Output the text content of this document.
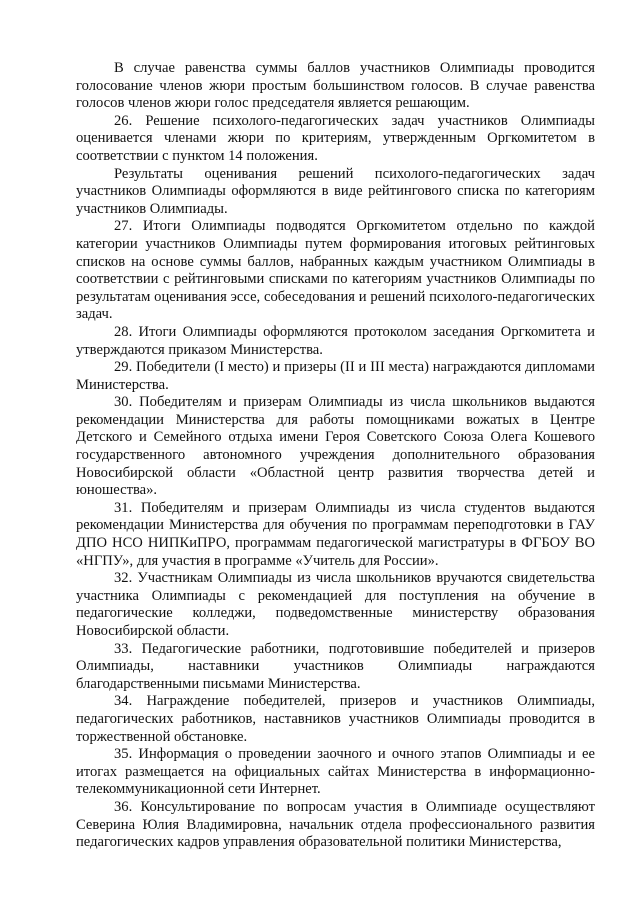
В случае равенства суммы баллов участников Олимпиады проводится голосование членов жюри простым большинством голосов. В случае равенства голосов членов жюри голос председателя является решающим.

26. Решение психолого-педагогических задач участников Олимпиады оценивается членами жюри по критериям, утвержденным Оргкомитетом в соответствии с пунктом 14 положения.

Результаты оценивания решений психолого-педагогических задач участников Олимпиады оформляются в виде рейтингового списка по категориям участников Олимпиады.

27. Итоги Олимпиады подводятся Оргкомитетом отдельно по каждой категории участников Олимпиады путем формирования итоговых рейтинговых списков на основе суммы баллов, набранных каждым участником Олимпиады в соответствии с рейтинговыми списками по категориям участников Олимпиады по результатам оценивания эссе, собеседования и решений психолого-педагогических задач.

28. Итоги Олимпиады оформляются протоколом заседания Оргкомитета и утверждаются приказом Министерства.

29. Победители (I место) и призеры (II и III места) награждаются дипломами Министерства.

30. Победителям и призерам Олимпиады из числа школьников выдаются рекомендации Министерства для работы помощниками вожатых в Центре Детского и Семейного отдыха имени Героя Советского Союза Олега Кошевого государственного автономного учреждения дополнительного образования Новосибирской области «Областной центр развития творчества детей и юношества».

31. Победителям и призерам Олимпиады из числа студентов выдаются рекомендации Министерства для обучения по программам переподготовки в ГАУ ДПО НСО НИПКиПРО, программам педагогической магистратуры в ФГБОУ ВО «НГПУ», для участия в программе «Учитель для России».

32. Участникам Олимпиады из числа школьников вручаются свидетельства участника Олимпиады с рекомендацией для поступления на обучение в педагогические колледжи, подведомственные министерству образования Новосибирской области.

33. Педагогические работники, подготовившие победителей и призеров Олимпиады, наставники участников Олимпиады награждаются благодарственными письмами Министерства.

34. Награждение победителей, призеров и участников Олимпиады, педагогических работников, наставников участников Олимпиады проводится в торжественной обстановке.

35. Информация о проведении заочного и очного этапов Олимпиады и ее итогах размещается на официальных сайтах Министерства в информационно-телекоммуникационной сети Интернет.

36. Консультирование по вопросам участия в Олимпиаде осуществляют Северина Юлия Владимировна, начальник отдела профессионального развития педагогических кадров управления образовательной политики Министерства,
